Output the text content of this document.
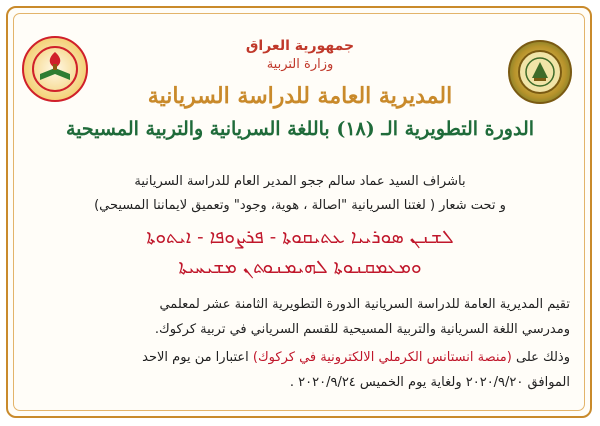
جمهورية العراق
وزارة التربية
المديرية العامة للدراسة السريانية
الدورة التطويرية الـ (١٨) باللغة السريانية والتربية المسيحية
باشراف السيد عماد سالم ججو المدير العام للدراسة السريانية
و تحت شعار ( لغتنا السريانية "اصالة ، هوية، وجود" وتعميق لايماننا المسيحي)
ܠܫܢܢ ܣܘܪܝܝܐ ܥܬܝܩܘܬܐ - ܦܪܨܘܦܐ - ܐܝܬܘܬܐ
ܘܡܥܡܩܢܘܬܐ ܠܗܝܡܢܘܬܢ ܡܫܝܚܝܬܐ
تقيم المديرية العامة للدراسة السريانية الدورة التطويرية الثامنة عشر لمعلمي
ومدرسي اللغة السريانية والتربية المسيحية للقسم السرياني في تربية كركوك.
وذلك على (منصة انستانس الكرملي الالكترونية في كركوك) اعتبارا من يوم الاحد
الموافق ٢٠٢٠/٩/٢٠ ولغاية يوم الخميس ٢٠٢٠/٩/٢٤ .
